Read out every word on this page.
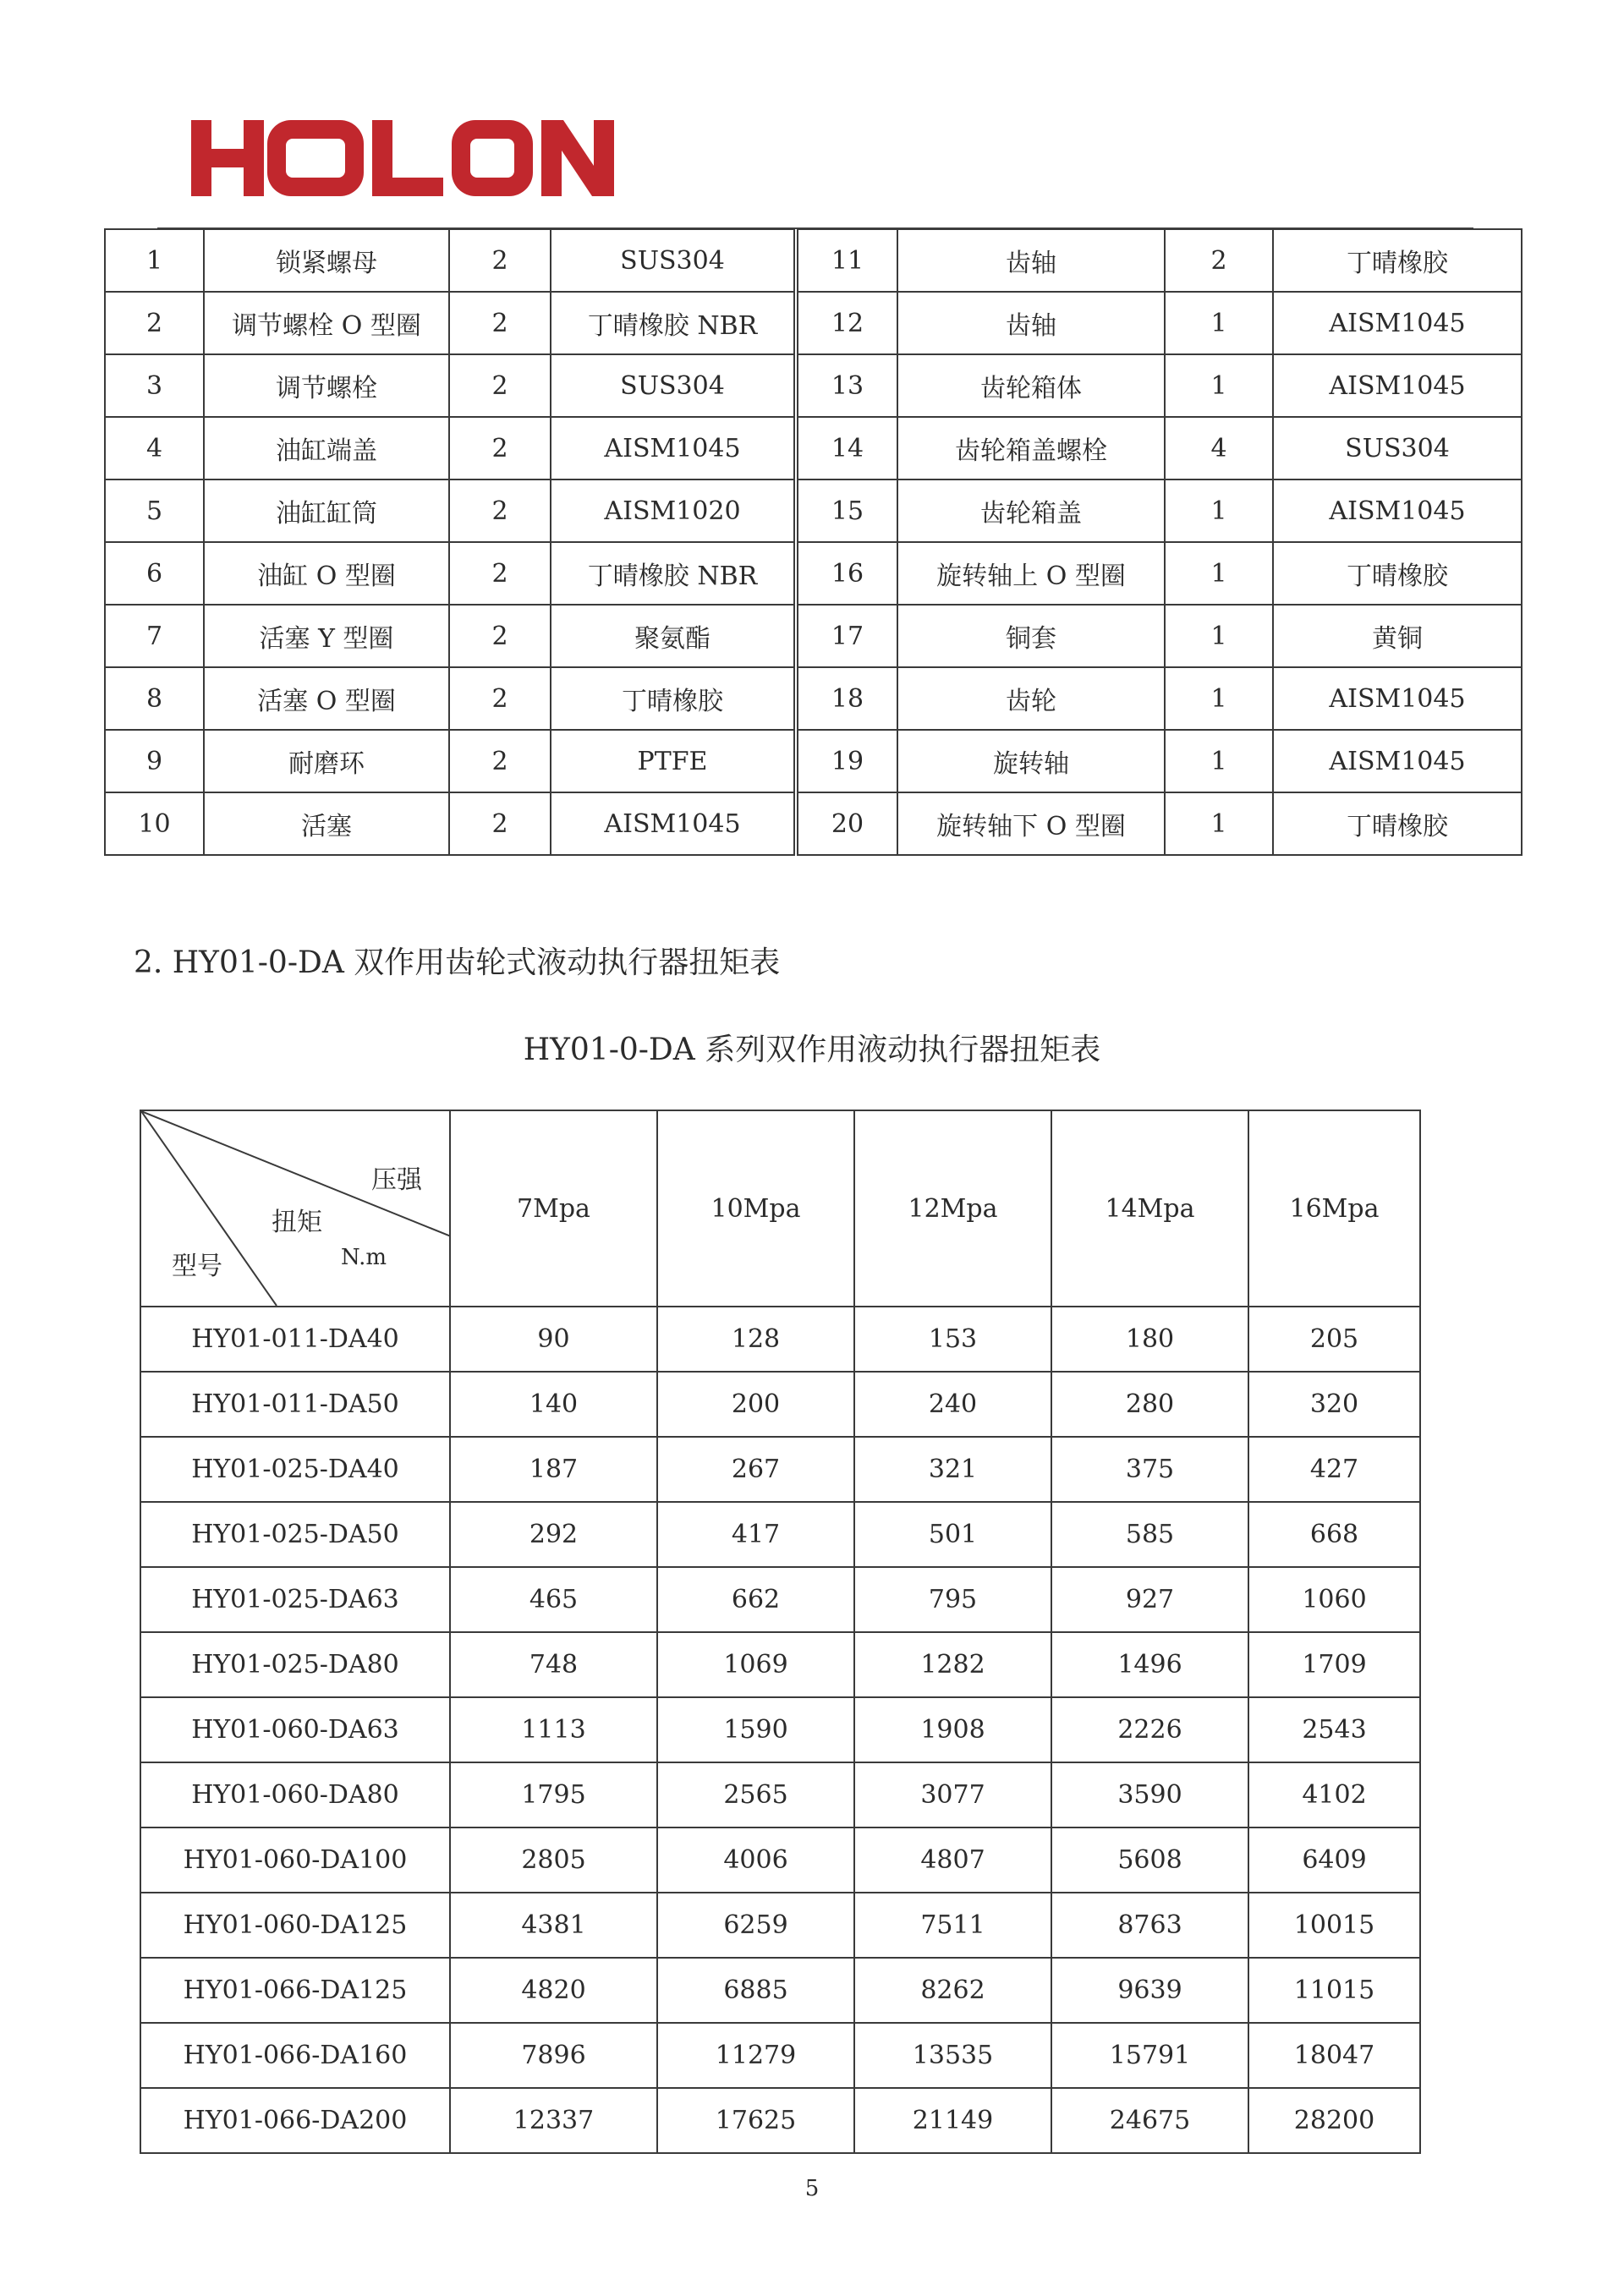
1	锁紧螺母	2	SUS304	11	齿轴	2	丁晴橡胶
2	调节螺栓 O 型圈	2	丁晴橡胶 NBR	12	齿轴	1	AISM1045
3	调节螺栓	2	SUS304	13	齿轮箱体	1	AISM1045
4	油缸端盖	2	AISM1045	14	齿轮箱盖螺栓	4	SUS304
5	油缸缸筒	2	AISM1020	15	齿轮箱盖	1	AISM1045
6	油缸 O 型圈	2	丁晴橡胶 NBR	16	旋转轴上 O 型圈	1	丁晴橡胶
7	活塞 Y 型圈	2	聚氨酯	17	铜套	1	黄铜
8	活塞 O 型圈	2	丁晴橡胶	18	齿轮	1	AISM1045
9	耐磨环	2	PTFE	19	旋转轴	1	AISM1045
10	活塞	2	AISM1045	20	旋转轴下 O 型圈	1	丁晴橡胶
2. HY01-0-DA 双作用齿轮式液动执行器扭矩表
HY01-0-DA 系列双作用液动执行器扭矩表
压强
扭矩
N.m
型号	7Mpa	10Mpa	12Mpa	14Mpa	16Mpa
HY01-011-DA40	90	128	153	180	205
HY01-011-DA50	140	200	240	280	320
HY01-025-DA40	187	267	321	375	427
HY01-025-DA50	292	417	501	585	668
HY01-025-DA63	465	662	795	927	1060
HY01-025-DA80	748	1069	1282	1496	1709
HY01-060-DA63	1113	1590	1908	2226	2543
HY01-060-DA80	1795	2565	3077	3590	4102
HY01-060-DA100	2805	4006	4807	5608	6409
HY01-060-DA125	4381	6259	7511	8763	10015
HY01-066-DA125	4820	6885	8262	9639	11015
HY01-066-DA160	7896	11279	13535	15791	18047
HY01-066-DA200	12337	17625	21149	24675	28200
5
